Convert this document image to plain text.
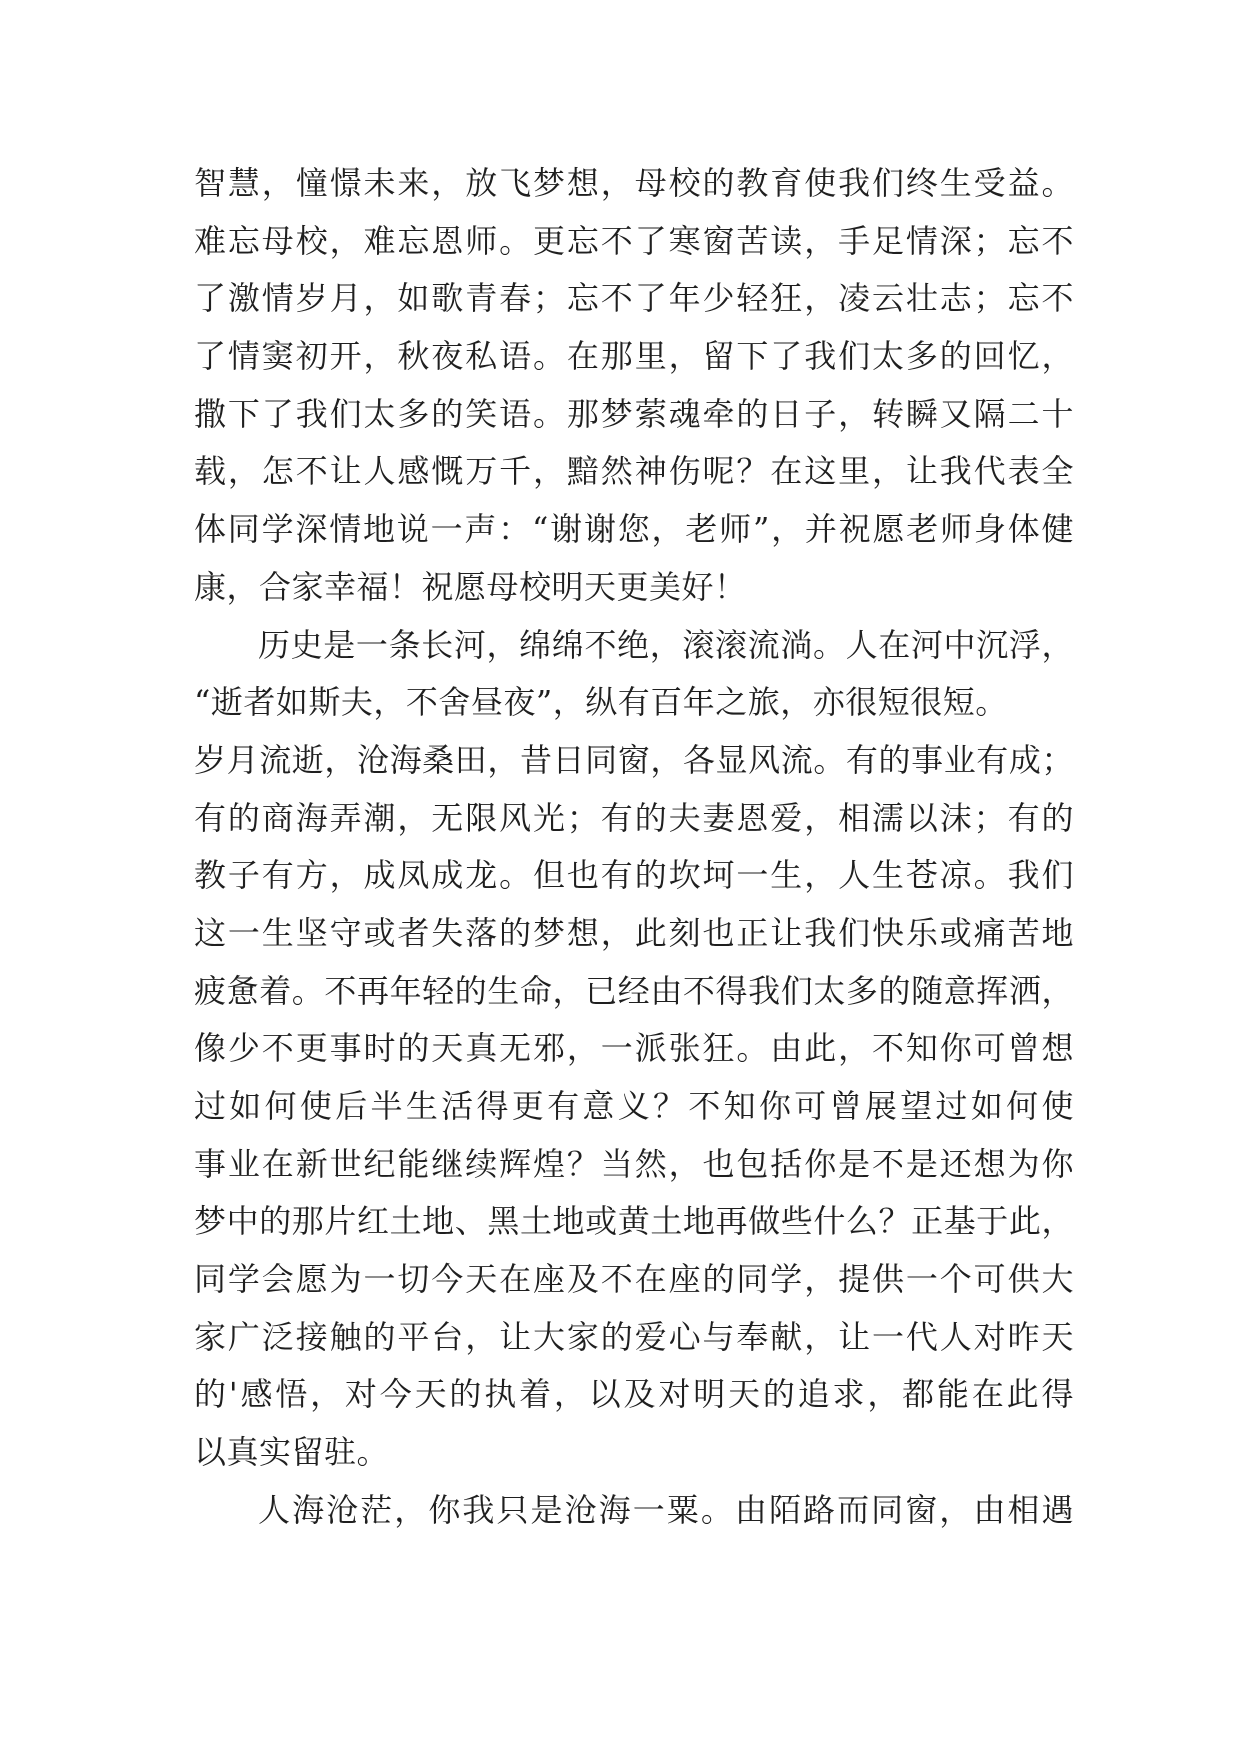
智慧，憧憬未来，放飞梦想，母校的教育使我们终生受益。
难忘母校，难忘恩师。更忘不了寒窗苦读，手足情深；忘不
了激情岁月，如歌青春；忘不了年少轻狂，凌云壮志；忘不
了情窦初开，秋夜私语。在那里，留下了我们太多的回忆，
撒下了我们太多的笑语。那梦萦魂牵的日子，转瞬又隔二十
载，怎不让人感慨万千，黯然神伤呢？在这里，让我代表全
体同学深情地说一声：“谢谢您，老师”，并祝愿老师身体健
康，合家幸福！祝愿母校明天更美好！
历史是一条长河，绵绵不绝，滚滚流淌。人在河中沉浮，
“逝者如斯夫，不舍昼夜”，纵有百年之旅，亦很短很短。
岁月流逝，沧海桑田，昔日同窗，各显风流。有的事业有成；
有的商海弄潮，无限风光；有的夫妻恩爱，相濡以沫；有的
教子有方，成凤成龙。但也有的坎坷一生，人生苍凉。我们
这一生坚守或者失落的梦想，此刻也正让我们快乐或痛苦地
疲惫着。不再年轻的生命，已经由不得我们太多的随意挥洒，
像少不更事时的天真无邪，一派张狂。由此，不知你可曾想
过如何使后半生活得更有意义？不知你可曾展望过如何使
事业在新世纪能继续辉煌？当然，也包括你是不是还想为你
梦中的那片红土地、黑土地或黄土地再做些什么？正基于此，
同学会愿为一切今天在座及不在座的同学，提供一个可供大
家广泛接触的平台，让大家的爱心与奉献，让一代人对昨天
的'感悟，对今天的执着，以及对明天的追求，都能在此得
以真实留驻。
人海沧茫，你我只是沧海一粟。由陌路而同窗，由相遇
